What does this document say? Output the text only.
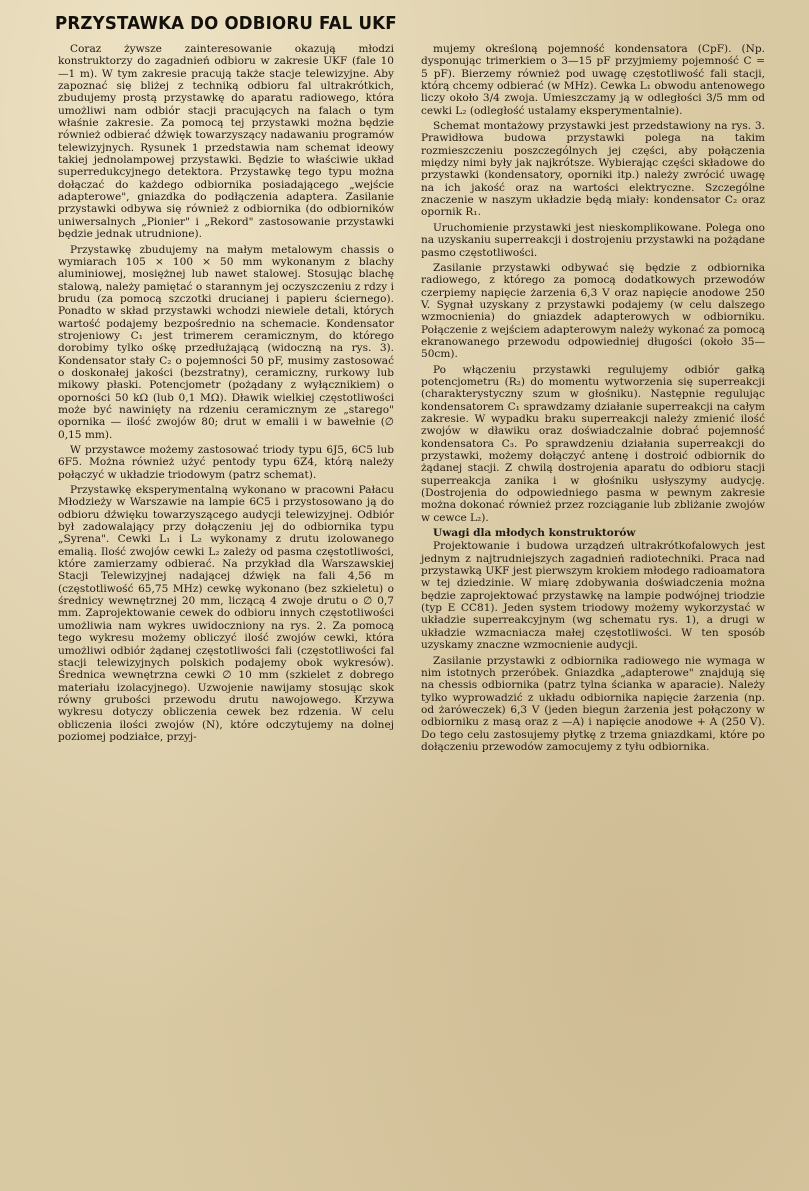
PRZYSTAWKA DO ODBIORU FAL UKF

Coraz żywsze zainteresowanie okazują młodzi konstruktorzy do zagadnień odbioru w zakresie UKF (fale 10—1 m). W tym zakresie pracują także stacje telewizyjne. Aby zapoznać się bliżej z techniką odbioru fal ultrakrótkich, zbudujemy prostą przystawkę do aparatu radiowego, która umożliwi nam odbiór stacji pracujących na falach o tym właśnie zakresie. Za pomocą tej przystawki można będzie również odbierać dźwięk towarzyszący nadawaniu programów telewizyjnych. Rysunek 1 przedstawia nam schemat ideowy takiej jednolampowej przystawki. Będzie to właściwie układ superredukcyjnego detektora. Przystawkę tego typu można dołączać do każdego odbiornika posiadającego „wejście adapterowe", gniazdka do podłączenia adaptera. Zasilanie przystawki odbywa się również z odbiornika (do odbiorników uniwersalnych „Pionier" i „Rekord" zastosowanie przystawki będzie jednak utrudnione).

Przystawkę zbudujemy na małym metalowym chassis o wymiarach 105 × 100 × 50 mm wykonanym z blachy aluminiowej, mosiężnej lub nawet stalowej. Stosując blachę stalową, należy pamiętać o starannym jej oczyszczeniu z rdzy i brudu (za pomocą szczotki drucianej i papieru ściernego). Ponadto w skład przystawki wchodzi niewiele detali, których wartość podajemy bezpośrednio na schemacie. Kondensator strojeniowy C₁ jest trimerem ceramicznym, do którego dorobimy tylko ośkę przedłużającą (widoczną na rys. 3). Kondensator stały C₂ o pojemności 50 pF, musimy zastosować o doskonałej jakości (bezstratny), ceramiczny, rurkowy lub mikowy płaski. Potencjometr (pożądany z wyłącznikiem) o oporności 50 kΩ (lub 0,1 MΩ). Dławik wielkiej częstotliwości może być nawinięty na rdzeniu ceramicznym ze „starego" opornika — ilość zwojów 80; drut w emalii i w bawełnie (∅ 0,15 mm).

W przystawce możemy zastosować triody typu 6J5, 6C5 lub 6F5. Można również użyć pentody typu 6Z4, którą należy połączyć w układzie triodowym (patrz schemat).

Przystawkę eksperymentalną wykonano w pracowni Pałacu Młodzieży w Warszawie na lampie 6C5 i przystosowano ją do odbioru dźwięku towarzyszącego audycji telewizyjnej. Odbiór był zadowalający przy dołączeniu jej do odbiornika typu „Syrena". Cewki L₁ i L₂ wykonamy z drutu izolowanego emalią. Ilość zwojów cewki L₂ zależy od pasma częstotliwości, które zamierzamy odbierać. Na przykład dla Warszawskiej Stacji Telewizyjnej nadającej dźwięk na fali 4,56 m (częstotliwość 65,75 MHz) cewkę wykonano (bez szkieletu) o średnicy wewnętrznej 20 mm, liczącą 4 zwoje drutu o ∅ 0,7 mm. Zaprojektowanie cewek do odbioru innych częstotliwości umożliwia nam wykres uwidoczniony na rys. 2. Za pomocą tego wykresu możemy obliczyć ilość zwojów cewki, która umożliwi odbiór żądanej częstotliwości fali (częstotliwości fal stacji telewizyjnych polskich podajemy obok wykresów). Średnica wewnętrzna cewki ∅ 10 mm (szkielet z dobrego materiału izolacyjnego). Uzwojenie nawijamy stosując skok równy grubości przewodu drutu nawojowego. Krzywa wykresu dotyczy obliczenia cewek bez rdzenia. W celu obliczenia ilości zwojów (N), które odczytujemy na dolnej poziomej podziałce, przyj-

mujemy określoną pojemność kondensatora (CpF). (Np. dysponując trimerkiem o 3—15 pF przyjmiemy pojemność C = 5 pF). Bierzemy również pod uwagę częstotliwość fali stacji, którą chcemy odbierać (w MHz). Cewka L₁ obwodu antenowego liczy około 3/4 zwoja. Umieszczamy ją w odległości 3/5 mm od cewki L₂ (odległość ustalamy eksperymentalnie).

Schemat montażowy przystawki jest przedstawiony na rys. 3. Prawidłowa budowa przystawki polega na takim rozmieszczeniu poszczególnych jej części, aby połączenia między nimi były jak najkrótsze. Wybierając części składowe do przystawki (kondensatory, oporniki itp.) należy zwrócić uwagę na ich jakość oraz na wartości elektryczne. Szczególne znaczenie w naszym układzie będą miały: kondensator C₂ oraz opornik R₁.

Uruchomienie przystawki jest nieskomplikowane. Polega ono na uzyskaniu superreakcji i dostrojeniu przystawki na pożądane pasmo częstotliwości.

Zasilanie przystawki odbywać się będzie z odbiornika radiowego, z którego za pomocą dodatkowych przewodów czerpiemy napięcie żarzenia 6,3 V oraz napięcie anodowe 250 V. Sygnał uzyskany z przystawki podajemy (w celu dalszego wzmocnienia) do gniazdek adapterowych w odbiorniku. Połączenie z wejściem adapterowym należy wykonać za pomocą ekranowanego przewodu odpowiedniej długości (około 35—50cm).

Po włączeniu przystawki regulujemy odbiór gałką potencjometru (R₂) do momentu wytworzenia się superreakcji (charakterystyczny szum w głośniku). Następnie regulując kondensatorem C₁ sprawdzamy działanie superreakcji na całym zakresie. W wypadku braku superreakcji należy zmienić ilość zwojów w dławiku oraz doświadczalnie dobrać pojemność kondensatora C₃. Po sprawdzeniu działania superreakcji do przystawki, możemy dołączyć antenę i dostroić odbiornik do żądanej stacji. Z chwilą dostrojenia aparatu do odbioru stacji superreakcja zanika i w głośniku usłyszymy audycję. (Dostrojenia do odpowiedniego pasma w pewnym zakresie można dokonać również przez rozciąganie lub zbliżanie zwojów w cewce L₂).

Uwagi dla młodych konstruktorów

Projektowanie i budowa urządzeń ultrakrótkofalowych jest jednym z najtrudniejszych zagadnień radiotechniki. Praca nad przystawką UKF jest pierwszym krokiem młodego radioamatora w tej dziedzinie. W miarę zdobywania doświadczenia można będzie zaprojektować przystawkę na lampie podwójnej triodzie (typ E CC81). Jeden system triodowy możemy wykorzystać w układzie superreakcyjnym (wg schematu rys. 1), a drugi w układzie wzmacniacza małej częstotliwości. W ten sposób uzyskamy znaczne wzmocnienie audycji.

Zasilanie przystawki z odbiornika radiowego nie wymaga w nim istotnych przeróbek. Gniazdka „adapterowe" znajdują się na chessis odbiornika (patrz tylna ścianka w aparacie). Należy tylko wyprowadzić z układu odbiornika napięcie żarzenia (np. od żaróweczek) 6,3 V (jeden biegun żarzenia jest połączony w odbiorniku z masą oraz z —A) i napięcie anodowe + A (250 V). Do tego celu zastosujemy płytkę z trzema gniazdkami, które po dołączeniu przewodów zamocujemy z tyłu odbiornika.
